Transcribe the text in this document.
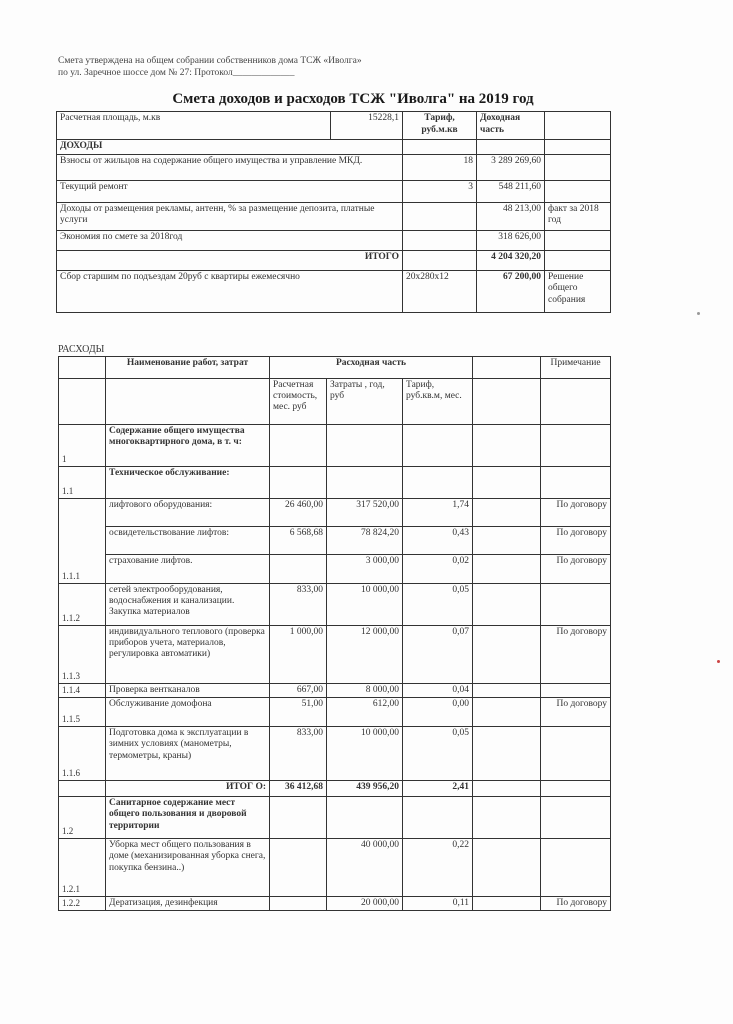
Смета утверждена на общем собрании собственников дома ТСЖ «Иволга»
по ул. Заречное шоссе дом № 27: Протокол_____________
Смета доходов и расходов ТСЖ "Иволга" на 2019 год
Расчетная площадь, м.кв	15228,1	Тариф, руб.м.кв	Доходная часть	
ДОХОДЫ				
Взносы от жильцов на содержание общего имущества и управление МКД.		18	3 289 269,60	
Текущий ремонт		3	548 211,60	
Доходы от размещения рекламы, антенн, % за размещение депозита, платные услуги			48 213,00	факт за 2018 год
Экономия по смете за 2018год			318 626,00	
ИТОГО			4 204 320,20	
Сбор старшим по подъездам 20руб с квартиры ежемесячно		20х280х12	67 200,00	Решение общего собрания
РАСХОДЫ
	Наименование работ, затрат	Расходная часть				Примечание
		Расчетная стоимость, мес. руб	Затраты , год, руб	Тариф, руб.кв.м, мес.		
1	Содержание общего имущества многоквартирного дома, в т. ч:					
1.1	Техническое обслуживание:					
1.1.1	лифтового оборудования:	26 460,00	317 520,00	1,74		По договору
	освидетельствование лифтов:	6 568,68	78 824,20	0,43		По договору
	страхование лифтов.		3 000,00	0,02		По договору
1.1.2	сетей электрооборудования, водоснабжения и канализации. Закупка материалов	833,00	10 000,00	0,05		
1.1.3	индивидуального теплового (проверка приборов учета, материалов, регулировка автоматики)	1 000,00	12 000,00	0,07		По договору
1.1.4	Проверка вентканалов	667,00	8 000,00	0,04		
1.1.5	Обслуживание домофона	51,00	612,00	0,00		По договору
1.1.6	Подготовка дома к эксплуатации в зимних условиях (манометры, термометры, краны)	833,00	10 000,00	0,05		
	ИТОГ О:	36 412,68	439 956,20	2,41		
1.2	Санитарное содержание мест общего пользования и дворовой территории					
1.2.1	Уборка мест общего пользования в доме (механизированная уборка снега, покупка бензина..)		40 000,00	0,22		
1.2.2	Дератизация, дезинфекция		20 000,00	0,11		По договору
